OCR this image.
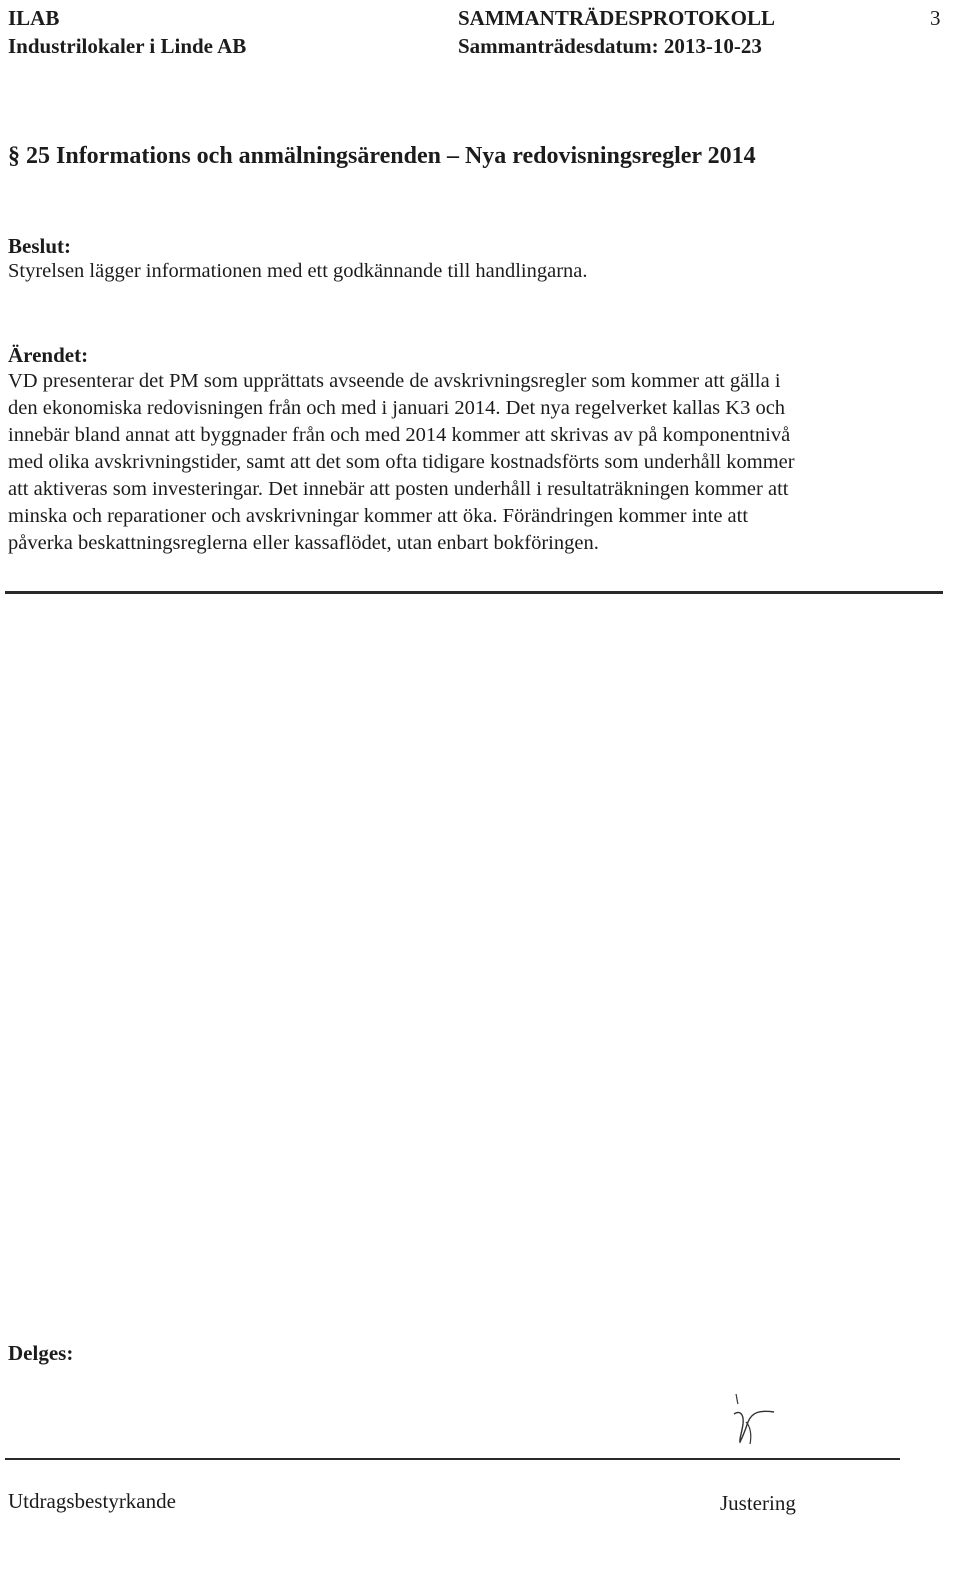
ILAB
Industrilokaler i Linde AB
SAMMANTRÄDESPROTOKOLL
Sammanträdesdatum: 2013-10-23
3
§ 25 Informations och anmälningsärenden – Nya redovisningsregler 2014
Beslut:
Styrelsen lägger informationen med ett godkännande till handlingarna.
Ärendet:
VD presenterar det PM som upprättats avseende de avskrivningsregler som kommer att gälla i
den ekonomiska redovisningen från och med i januari 2014. Det nya regelverket kallas K3 och
innebär bland annat att byggnader från och med 2014 kommer att skrivas av på komponentnivå
med olika avskrivningstider, samt att det som ofta tidigare kostnadsförts som underhåll kommer
att aktiveras som investeringar. Det innebär att posten underhåll i resultaträkningen kommer att
minska och reparationer och avskrivningar kommer att öka. Förändringen kommer inte att
påverka beskattningsreglerna eller kassaflödet, utan enbart bokföringen.
Delges:
Utdragsbestyrkande	Justering
